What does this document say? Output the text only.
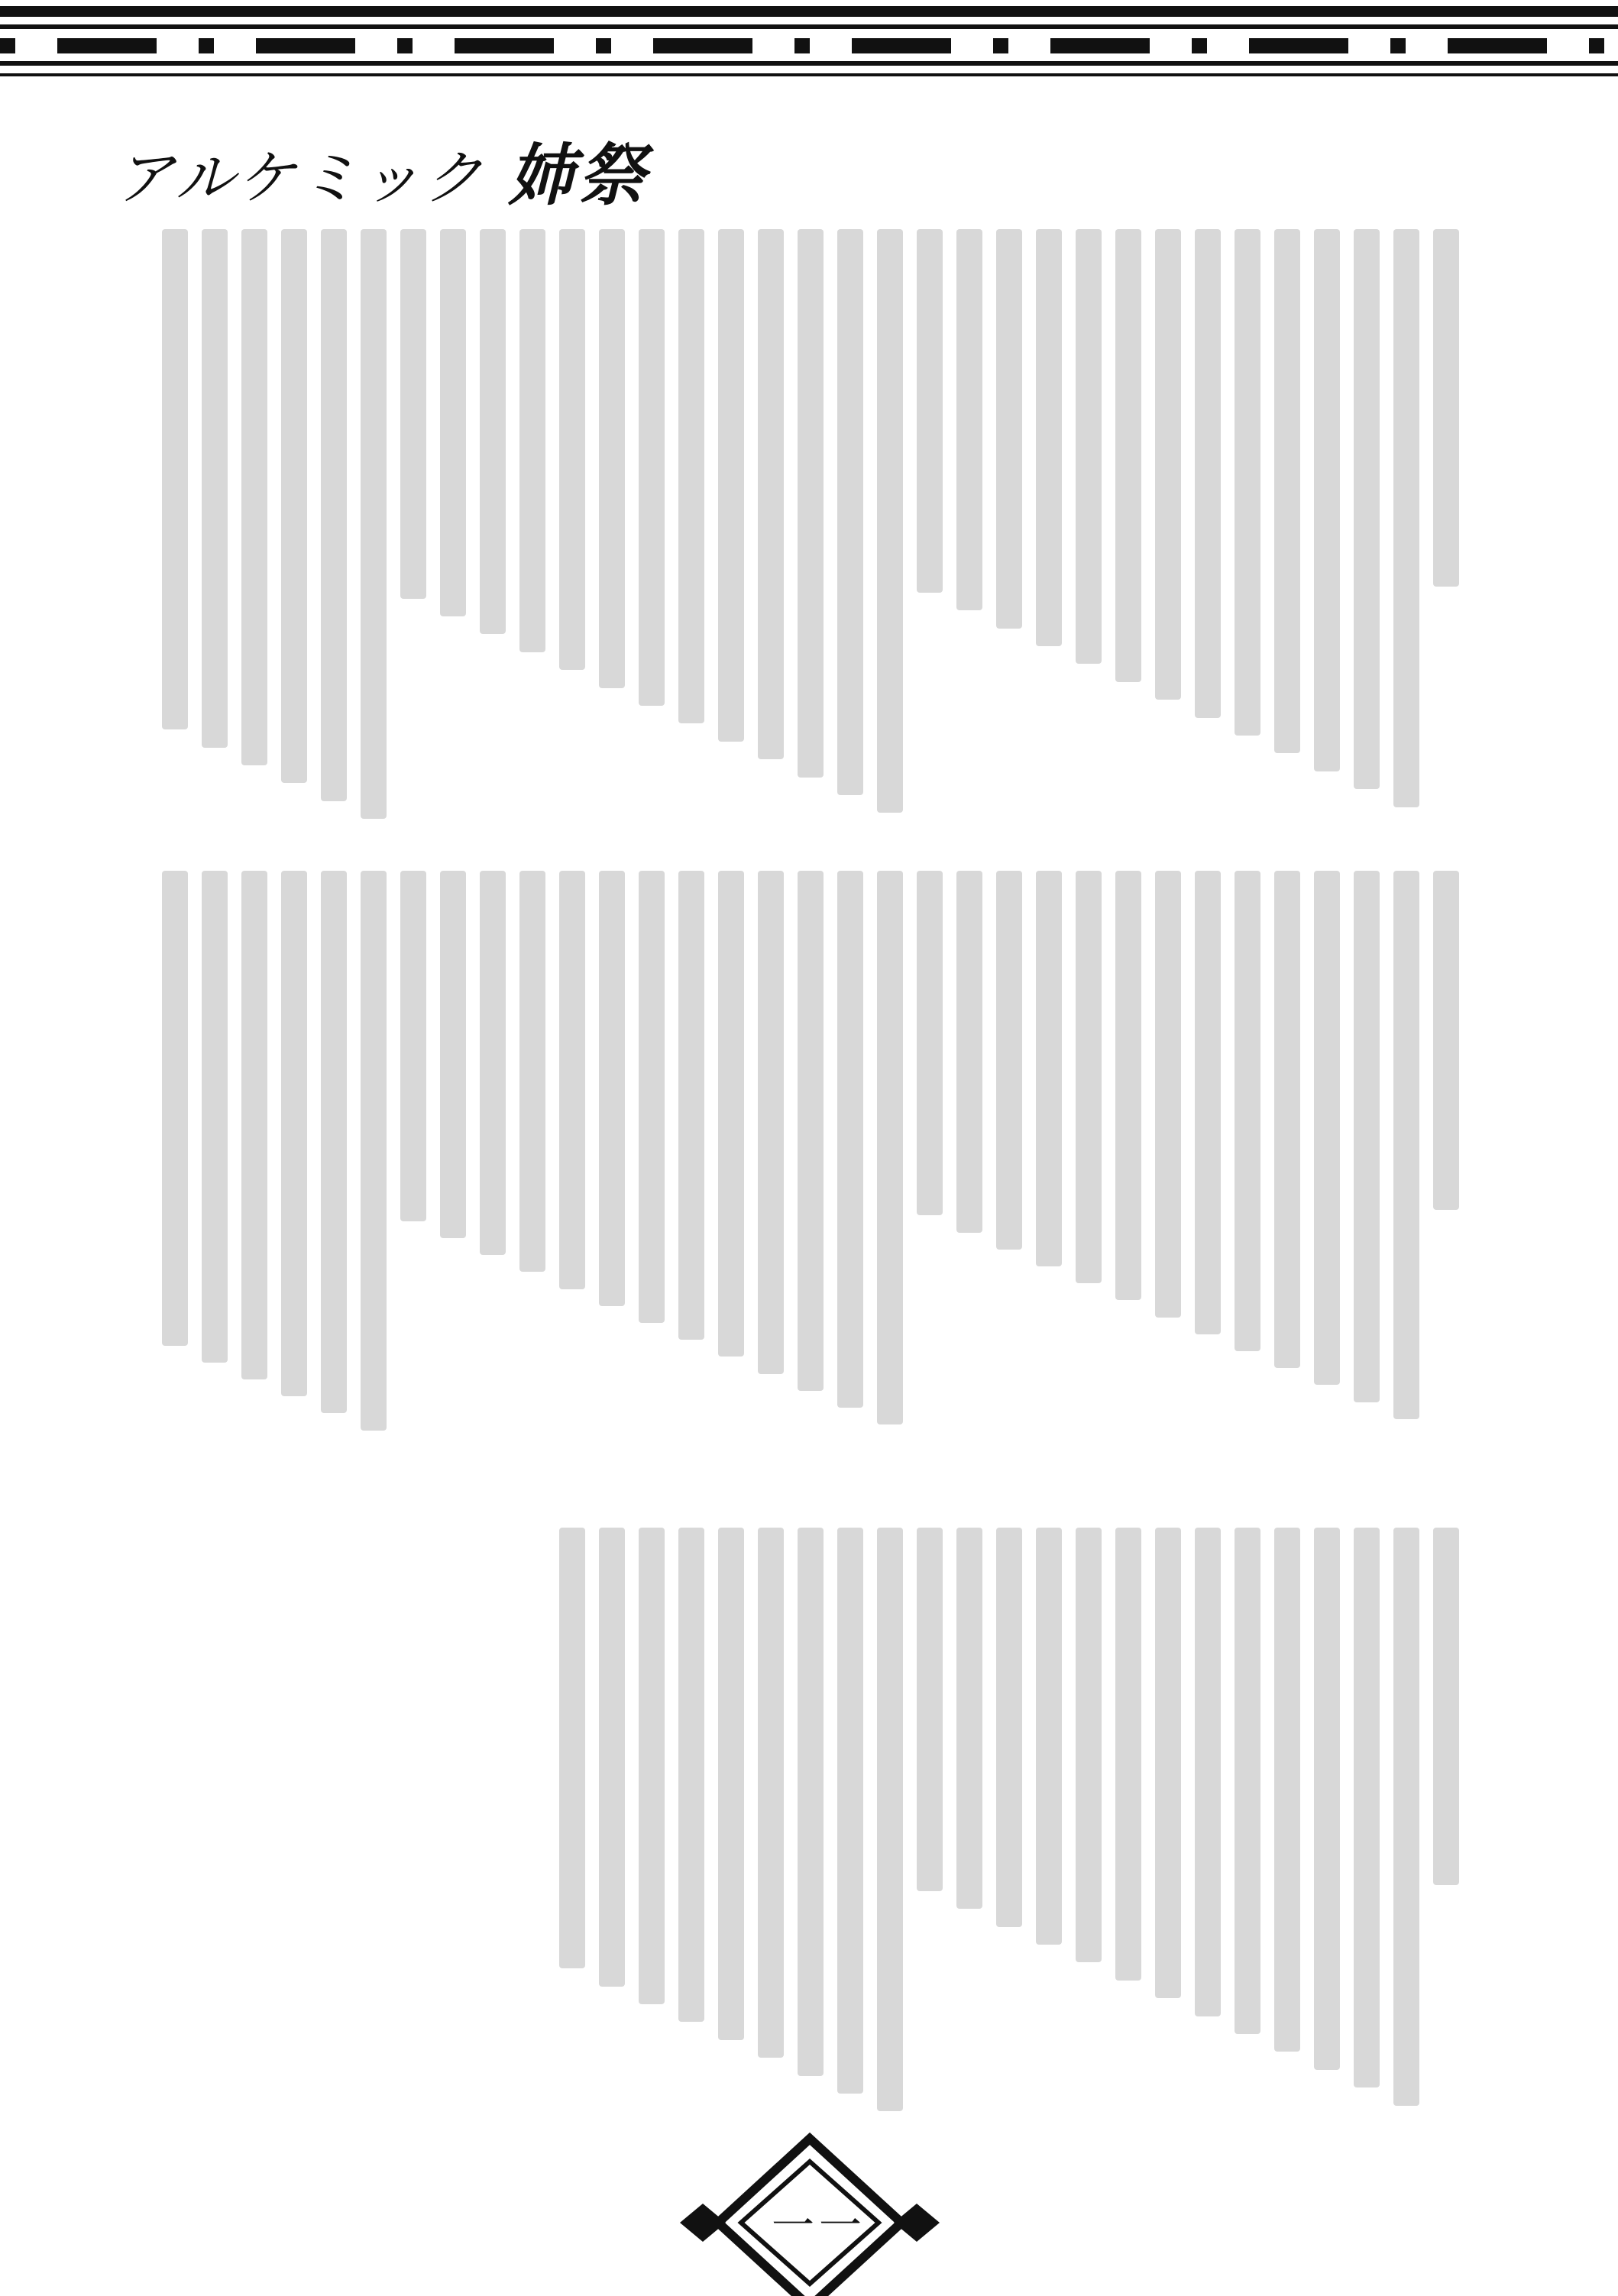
アルケミック 姉祭
一一
